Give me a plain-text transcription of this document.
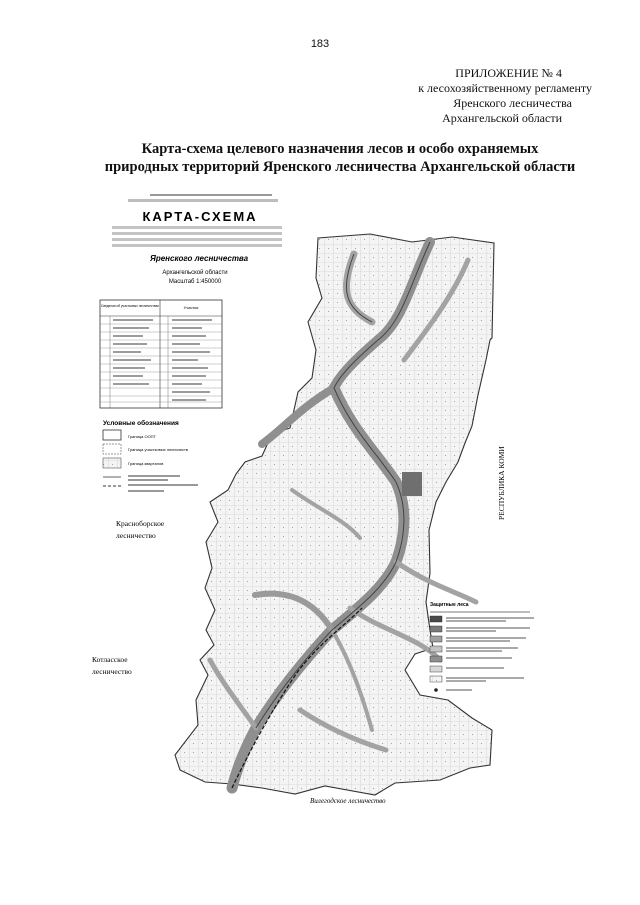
183
ПРИЛОЖЕНИЕ № 4
к лесохозяйственному регламенту
Яренского лесничества
Архангельской области
Карта-схема целевого назначения лесов и особо охраняемых
природных территорий Яренского лесничества Архангельской области
КАРТА-СХЕМА
Яренского лесничества
Архангельской области
Масштаб 1:450000
Сведения об участковых лесничествах	Участки
Условные обозначения
Граница ООПТ
Граница участковых лесничеств
Граница кварталов
Красноборское
лесничество
Котласское
лесничество
Вилегодское лесничество
РЕСПУБЛИКА КОМИ
Защитные леса
